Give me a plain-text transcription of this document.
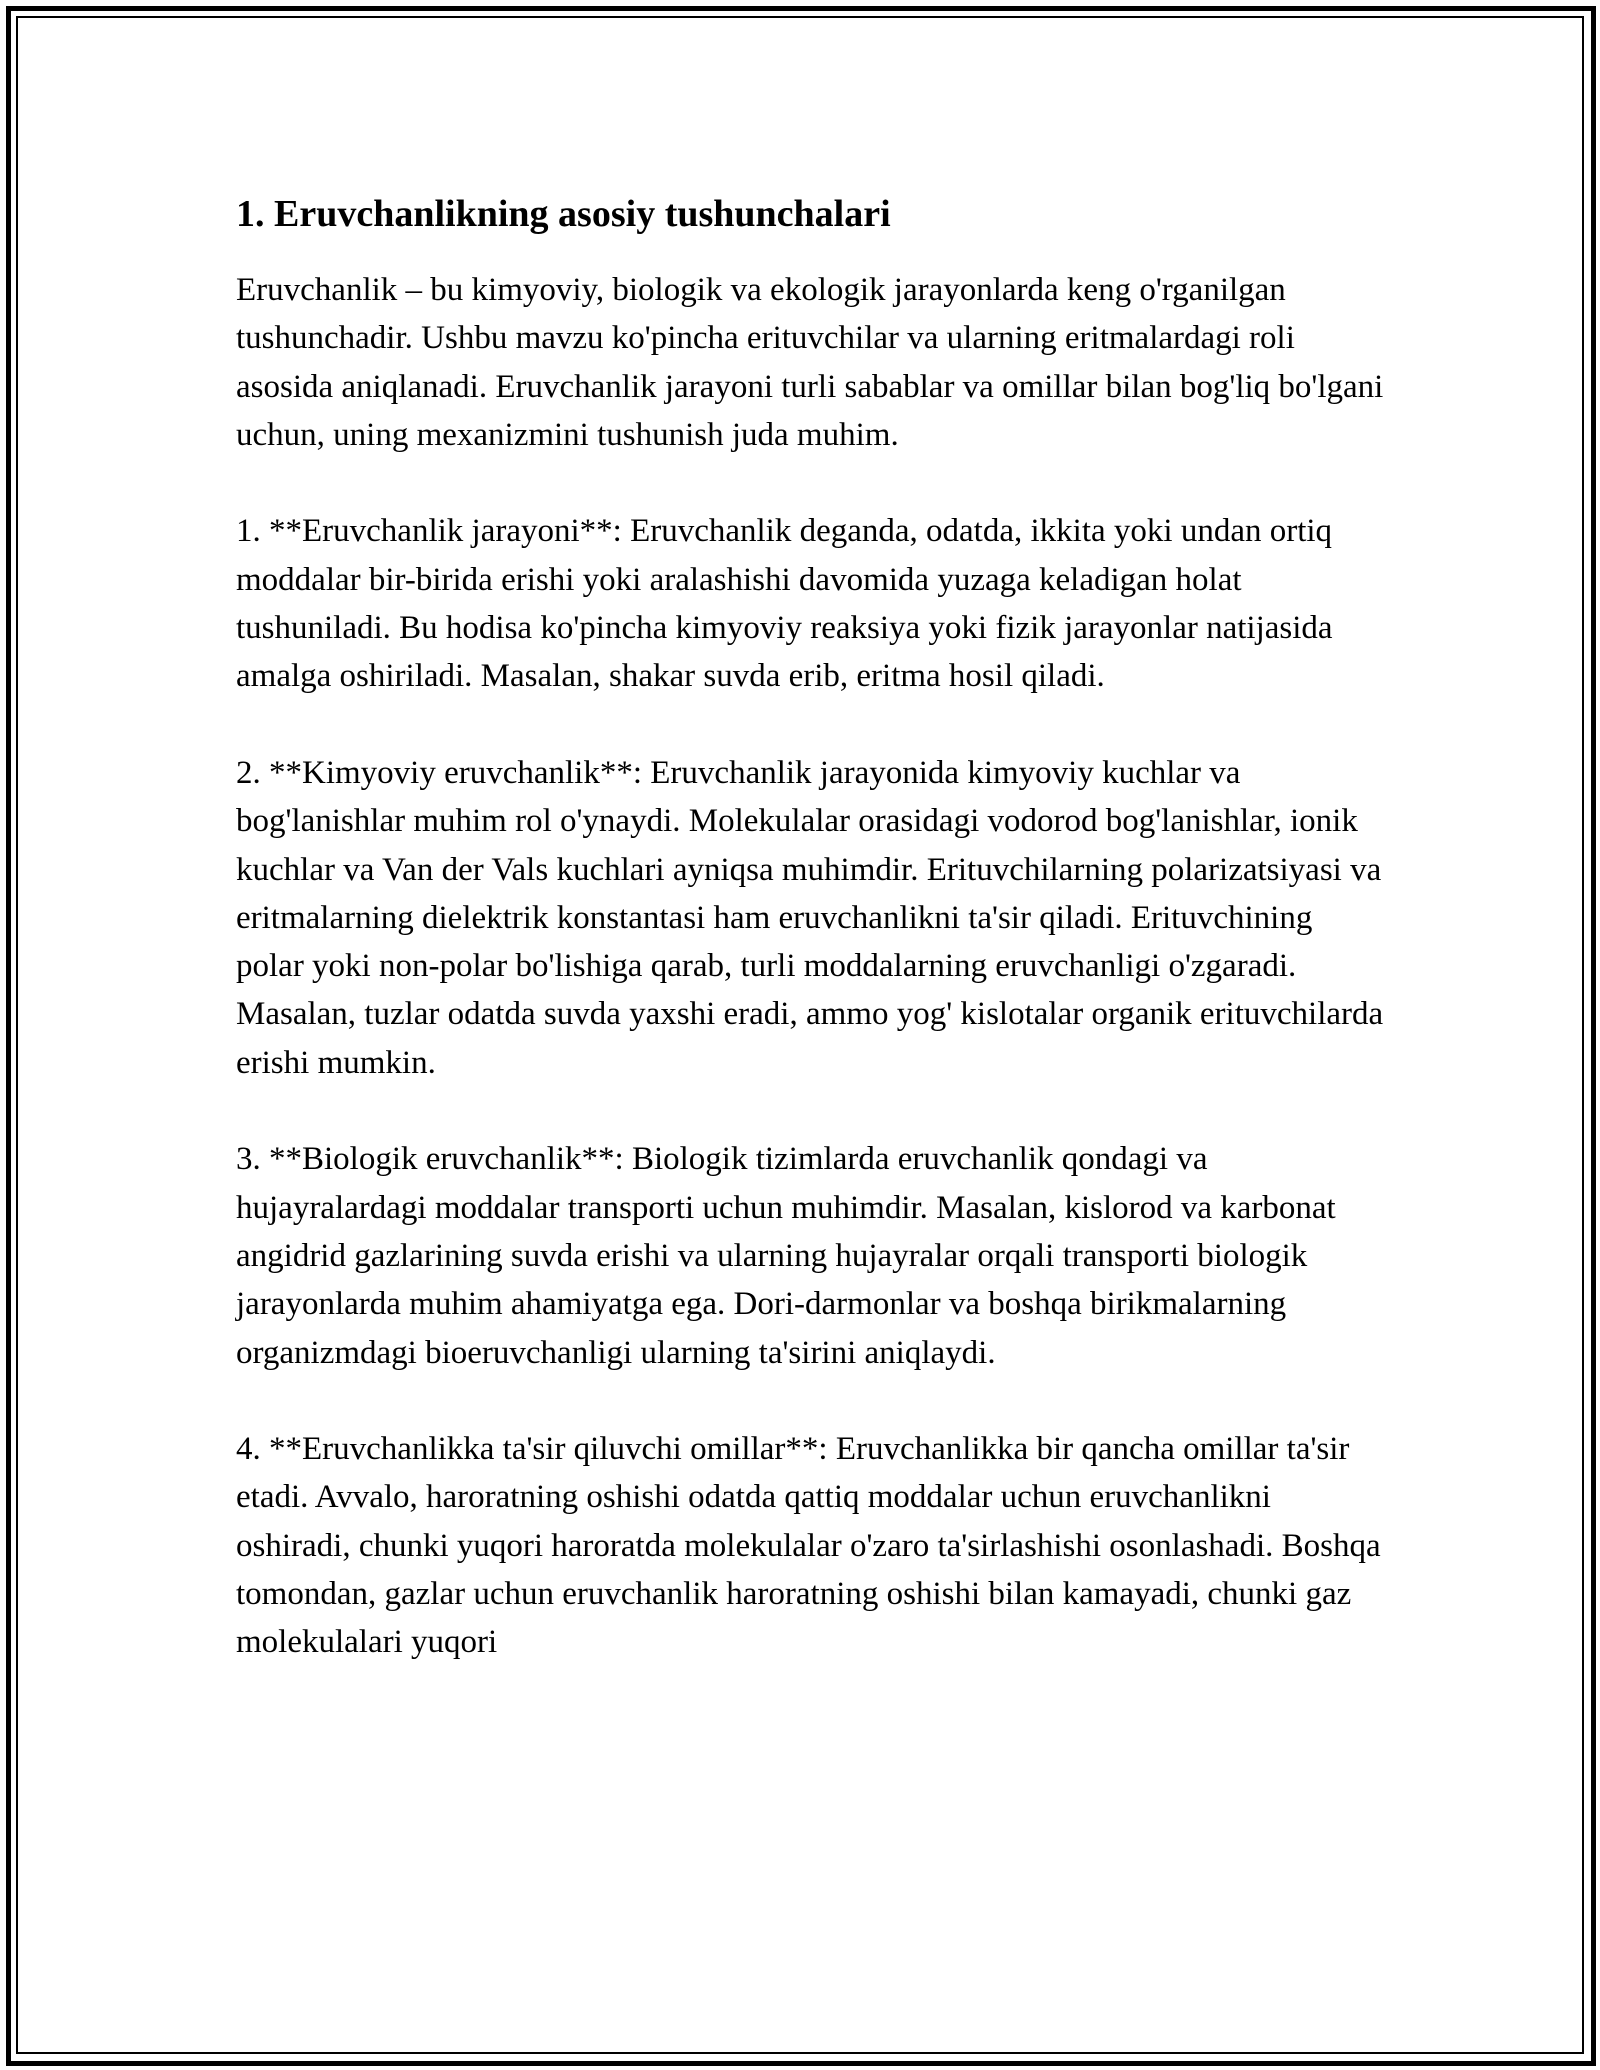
1. Eruvchanlikning asosiy tushunchalari

Eruvchanlik – bu kimyoviy, biologik va ekologik jarayonlarda keng o'rganilgan tushunchadir. Ushbu mavzu ko'pincha erituvchilar va ularning eritmalardagi roli asosida aniqlanadi. Eruvchanlik jarayoni turli sabablar va omillar bilan bog'liq bo'lgani uchun, uning mexanizmini tushunish juda muhim.

1. **Eruvchanlik jarayoni**: Eruvchanlik deganda, odatda, ikkita yoki undan ortiq moddalar bir-birida erishi yoki aralashishi davomida yuzaga keladigan holat tushuniladi. Bu hodisa ko'pincha kimyoviy reaksiya yoki fizik jarayonlar natijasida amalga oshiriladi. Masalan, shakar suvda erib, eritma hosil qiladi.

2. **Kimyoviy eruvchanlik**: Eruvchanlik jarayonida kimyoviy kuchlar va bog'lanishlar muhim rol o'ynaydi. Molekulalar orasidagi vodorod bog'lanishlar, ionik kuchlar va Van der Vals kuchlari ayniqsa muhimdir. Erituvchilarning polarizatsiyasi va eritmalarning dielektrik konstantasi ham eruvchanlikni ta'sir qiladi. Erituvchining polar yoki non-polar bo'lishiga qarab, turli moddalarning eruvchanligi o'zgaradi. Masalan, tuzlar odatda suvda yaxshi eradi, ammo yog' kislotalar organik erituvchilarda erishi mumkin.

3. **Biologik eruvchanlik**: Biologik tizimlarda eruvchanlik qondagi va hujayralardagi moddalar transporti uchun muhimdir. Masalan, kislorod va karbonat angidrid gazlarining suvda erishi va ularning hujayralar orqali transporti biologik jarayonlarda muhim ahamiyatga ega. Dori-darmonlar va boshqa birikmalarning organizmdagi bioeruvchanligi ularning ta'sirini aniqlaydi.

4. **Eruvchanlikka ta'sir qiluvchi omillar**: Eruvchanlikka bir qancha omillar ta'sir etadi. Avvalo, haroratning oshishi odatda qattiq moddalar uchun eruvchanlikni oshiradi, chunki yuqori haroratda molekulalar o'zaro ta'sirlashishi osonlashadi. Boshqa tomondan, gazlar uchun eruvchanlik haroratning oshishi bilan kamayadi, chunki gaz molekulalari yuqori
